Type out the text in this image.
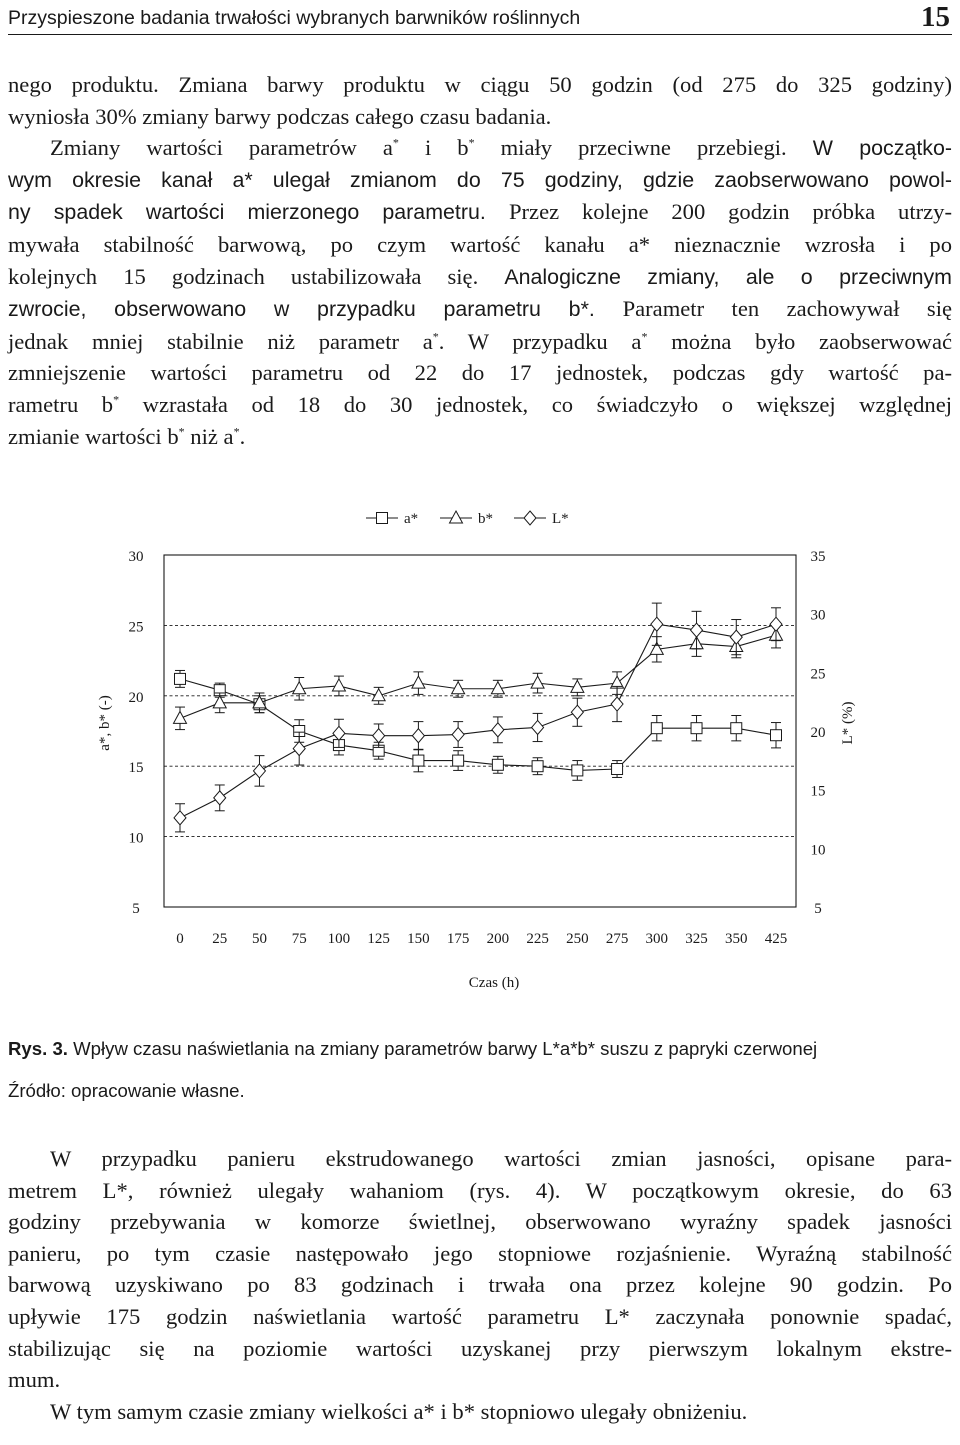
Przyspieszone badania trwałości wybranych barwników roślinnych	15
nego produktu. Zmiana barwy produktu w ciągu 50 godzin (od 275 do 325 godziny)
wyniosła 30% zmiany barwy podczas całego czasu badania.
Zmiany wartości parametrów a* i b* miały przeciwne przebiegi. W początko-
wym okresie kanał a* ulegał zmianom do 75 godziny, gdzie zaobserwowano powol-
ny spadek wartości mierzonego parametru. Przez kolejne 200 godzin próbka utrzy-
mywała stabilność barwową, po czym wartość kanału a* nieznacznie wzrosła i po
kolejnych 15 godzinach ustabilizowała się. Analogiczne zmiany, ale o przeciwnym
zwrocie, obserwowano w przypadku parametru b*. Parametr ten zachowywał się
jednak mniej stabilnie niż parametr a*. W przypadku a* można było zaobserwować
zmniejszenie wartości parametru od 22 do 17 jednostek, podczas gdy wartość pa-
rametru b* wzrastała od 18 do 30 jednostek, co świadczyło o większej względnej
zmianie wartości b* niż a*.
30
25
20
15
10
5
35
30
25
20
15
10
5
0 25 50 75 100 125 150 175 200 225 250 275 300 325 350 425
Czas (h)
a*, b* (-)	L* (%)
a*	b*	L*
Rys. 3. Wpływ czasu naświetlania na zmiany parametrów barwy L*a*b* suszu z papryki czerwonej
Źródło: opracowanie własne.
W przypadku panieru ekstrudowanego wartości zmian jasności, opisane para-
metrem L*, również ulegały wahaniom (rys. 4). W początkowym okresie, do 63
godziny przebywania w komorze świetlnej, obserwowano wyraźny spadek jasności
panieru, po tym czasie następowało jego stopniowe rozjaśnienie. Wyraźną stabilność
barwową uzyskiwano po 83 godzinach i trwała ona przez kolejne 90 godzin. Po
upływie 175 godzin naświetlania wartość parametru L* zaczynała ponownie spadać,
stabilizując się na poziomie wartości uzyskanej przy pierwszym lokalnym ekstre-
mum.
W tym samym czasie zmiany wielkości a* i b* stopniowo ulegały obniżeniu.
